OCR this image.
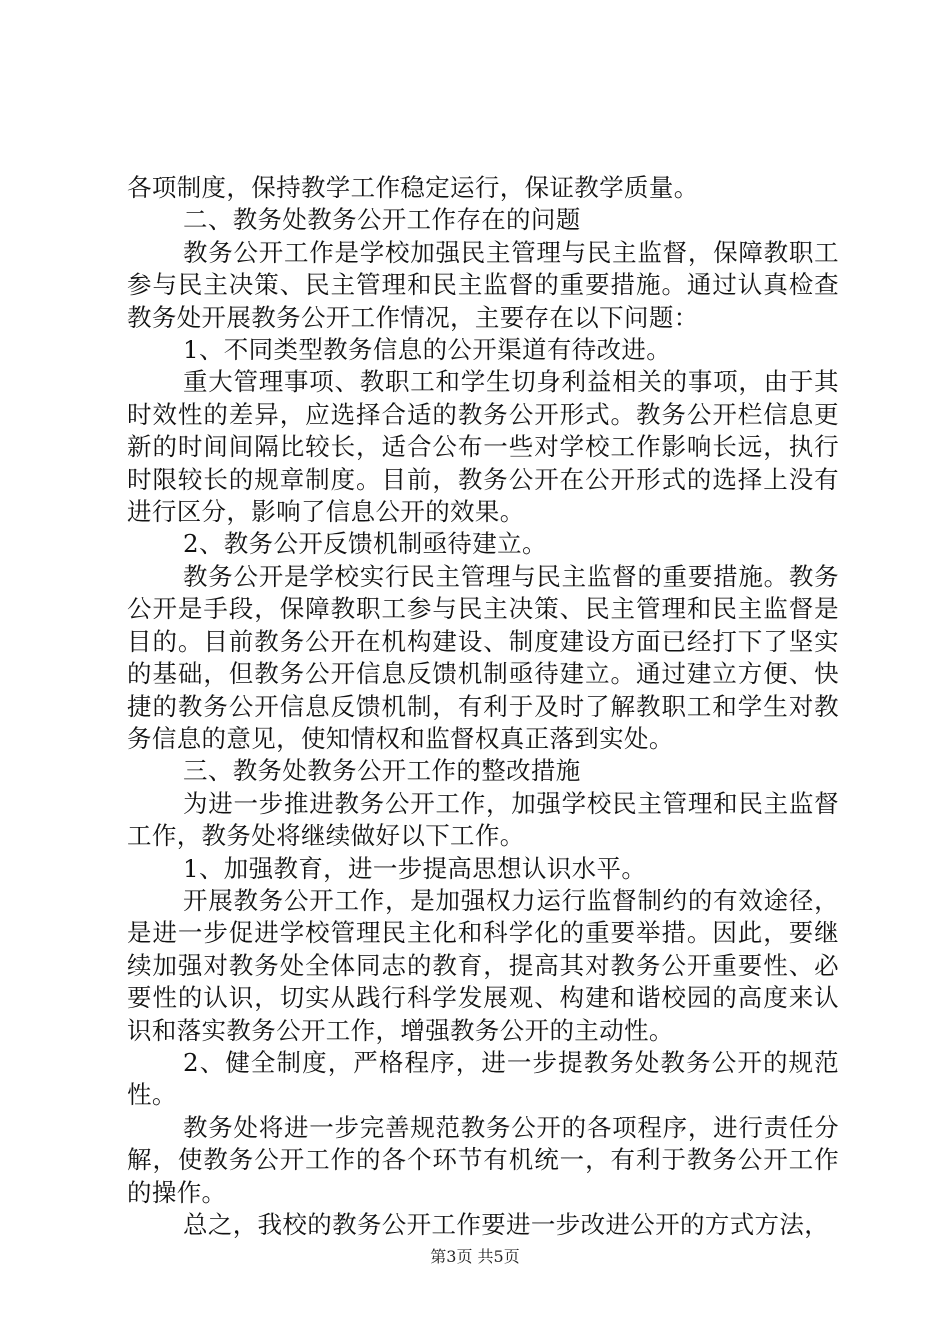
各项制度，保持教学工作稳定运行，保证教学质量。

二、教务处教务公开工作存在的问题

教务公开工作是学校加强民主管理与民主监督，保障教职工参与民主决策、民主管理和民主监督的重要措施。通过认真检查教务处开展教务公开工作情况，主要存在以下问题：

1、不同类型教务信息的公开渠道有待改进。

重大管理事项、教职工和学生切身利益相关的事项，由于其时效性的差异，应选择合适的教务公开形式。教务公开栏信息更新的时间间隔比较长，适合公布一些对学校工作影响长远，执行时限较长的规章制度。目前，教务公开在公开形式的选择上没有进行区分，影响了信息公开的效果。

2、教务公开反馈机制亟待建立。

教务公开是学校实行民主管理与民主监督的重要措施。教务公开是手段，保障教职工参与民主决策、民主管理和民主监督是目的。目前教务公开在机构建设、制度建设方面已经打下了坚实的基础，但教务公开信息反馈机制亟待建立。通过建立方便、快捷的教务公开信息反馈机制，有利于及时了解教职工和学生对教务信息的意见，使知情权和监督权真正落到实处。

三、教务处教务公开工作的整改措施

为进一步推进教务公开工作，加强学校民主管理和民主监督工作，教务处将继续做好以下工作。

1、加强教育，进一步提高思想认识水平。

开展教务公开工作，是加强权力运行监督制约的有效途径，是进一步促进学校管理民主化和科学化的重要举措。因此，要继续加强对教务处全体同志的教育，提高其对教务公开重要性、必要性的认识，切实从践行科学发展观、构建和谐校园的高度来认识和落实教务公开工作，增强教务公开的主动性。

2、健全制度，严格程序，进一步提教务处教务公开的规范性。

教务处将进一步完善规范教务公开的各项程序，进行责任分解，使教务公开工作的各个环节有机统一，有利于教务公开工作的操作。

总之，我校的教务公开工作要进一步改进公开的方式方法，

第3页 共5页
